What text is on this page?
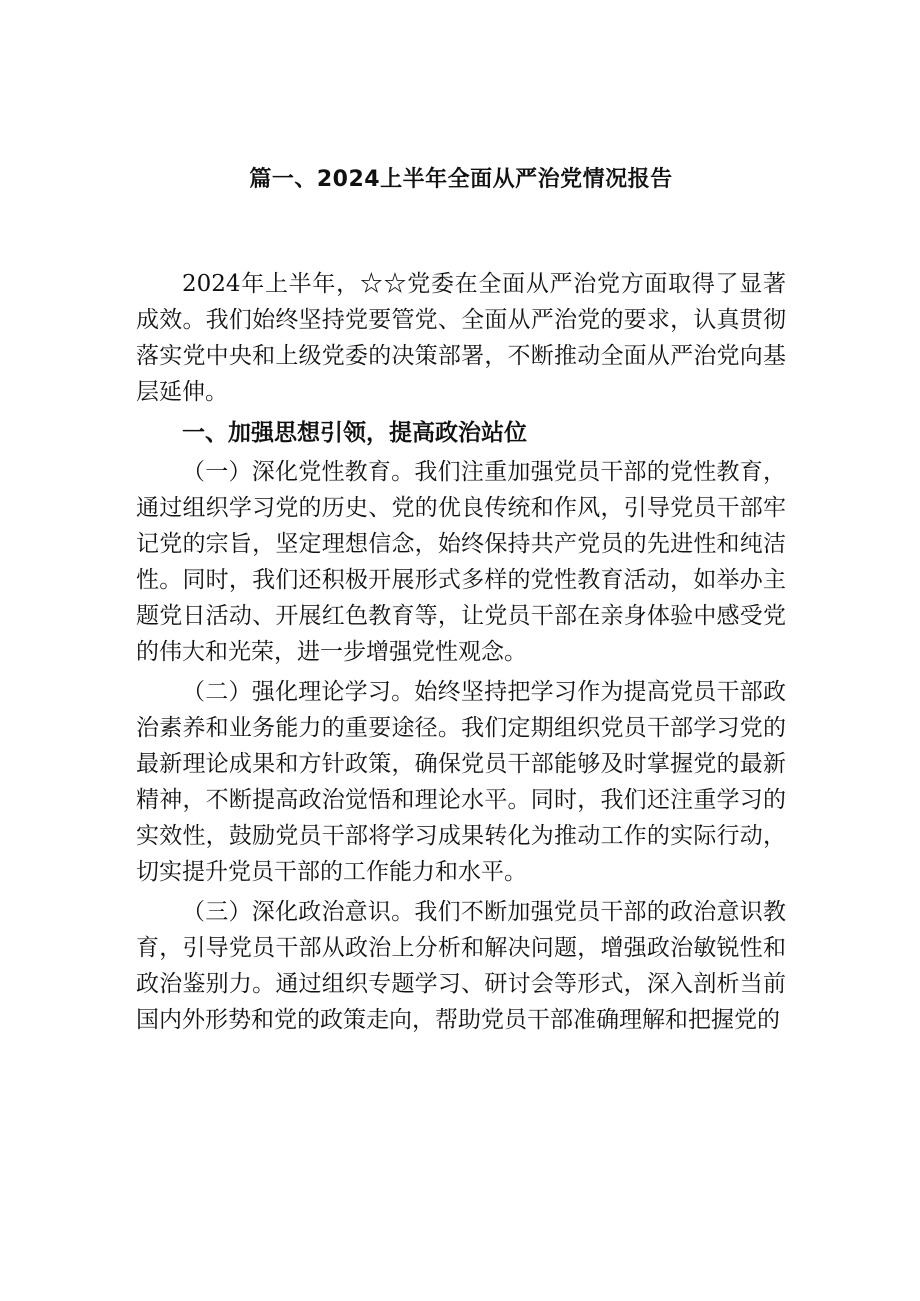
篇一、2024上半年全面从严治党情况报告

2024年上半年，☆☆党委在全面从严治党方面取得了显著成效。我们始终坚持党要管党、全面从严治党的要求，认真贯彻落实党中央和上级党委的决策部署，不断推动全面从严治党向基层延伸。

一、加强思想引领，提高政治站位

（一）深化党性教育。我们注重加强党员干部的党性教育，通过组织学习党的历史、党的优良传统和作风，引导党员干部牢记党的宗旨，坚定理想信念，始终保持共产党员的先进性和纯洁性。同时，我们还积极开展形式多样的党性教育活动，如举办主题党日活动、开展红色教育等，让党员干部在亲身体验中感受党的伟大和光荣，进一步增强党性观念。

（二）强化理论学习。始终坚持把学习作为提高党员干部政治素养和业务能力的重要途径。我们定期组织党员干部学习党的最新理论成果和方针政策，确保党员干部能够及时掌握党的最新精神，不断提高政治觉悟和理论水平。同时，我们还注重学习的实效性，鼓励党员干部将学习成果转化为推动工作的实际行动，切实提升党员干部的工作能力和水平。

（三）深化政治意识。我们不断加强党员干部的政治意识教育，引导党员干部从政治上分析和解决问题，增强政治敏锐性和政治鉴别力。通过组织专题学习、研讨会等形式，深入剖析当前国内外形势和党的政策走向，帮助党员干部准确理解和把握党的
